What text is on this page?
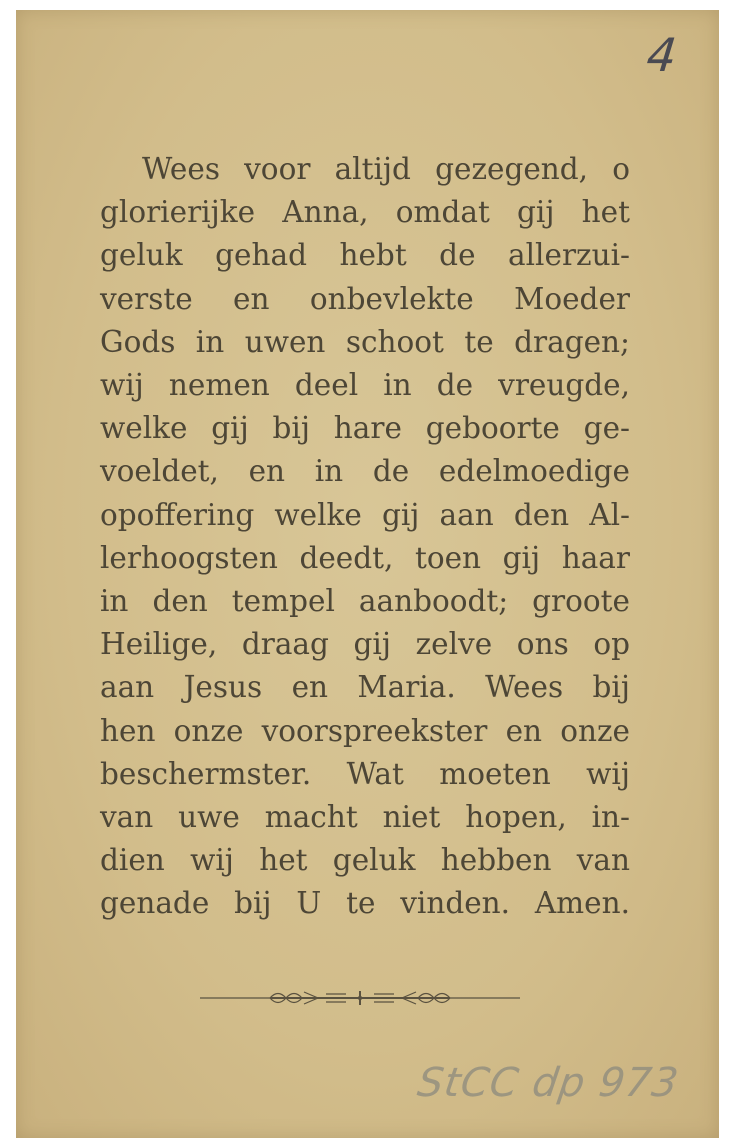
4
Wees voor altijd gezegend, o
glorierijke Anna, omdat gij het
geluk gehad hebt de allerzui-
verste en onbevlekte Moeder
Gods in uwen schoot te dragen;
wij nemen deel in de vreugde,
welke gij bij hare geboorte ge-
voeldet, en in de edelmoedige
opoffering welke gij aan den Al-
lerhoogsten deedt, toen gij haar
in den tempel aanboodt; groote
Heilige, draag gij zelve ons op
aan Jesus en Maria. Wees bij
hen onze voorspreekster en onze
beschermster. Wat moeten wij
van uwe macht niet hopen, in-
dien wij het geluk hebben van
genade bij U te vinden. Amen.
StCC dp 973
